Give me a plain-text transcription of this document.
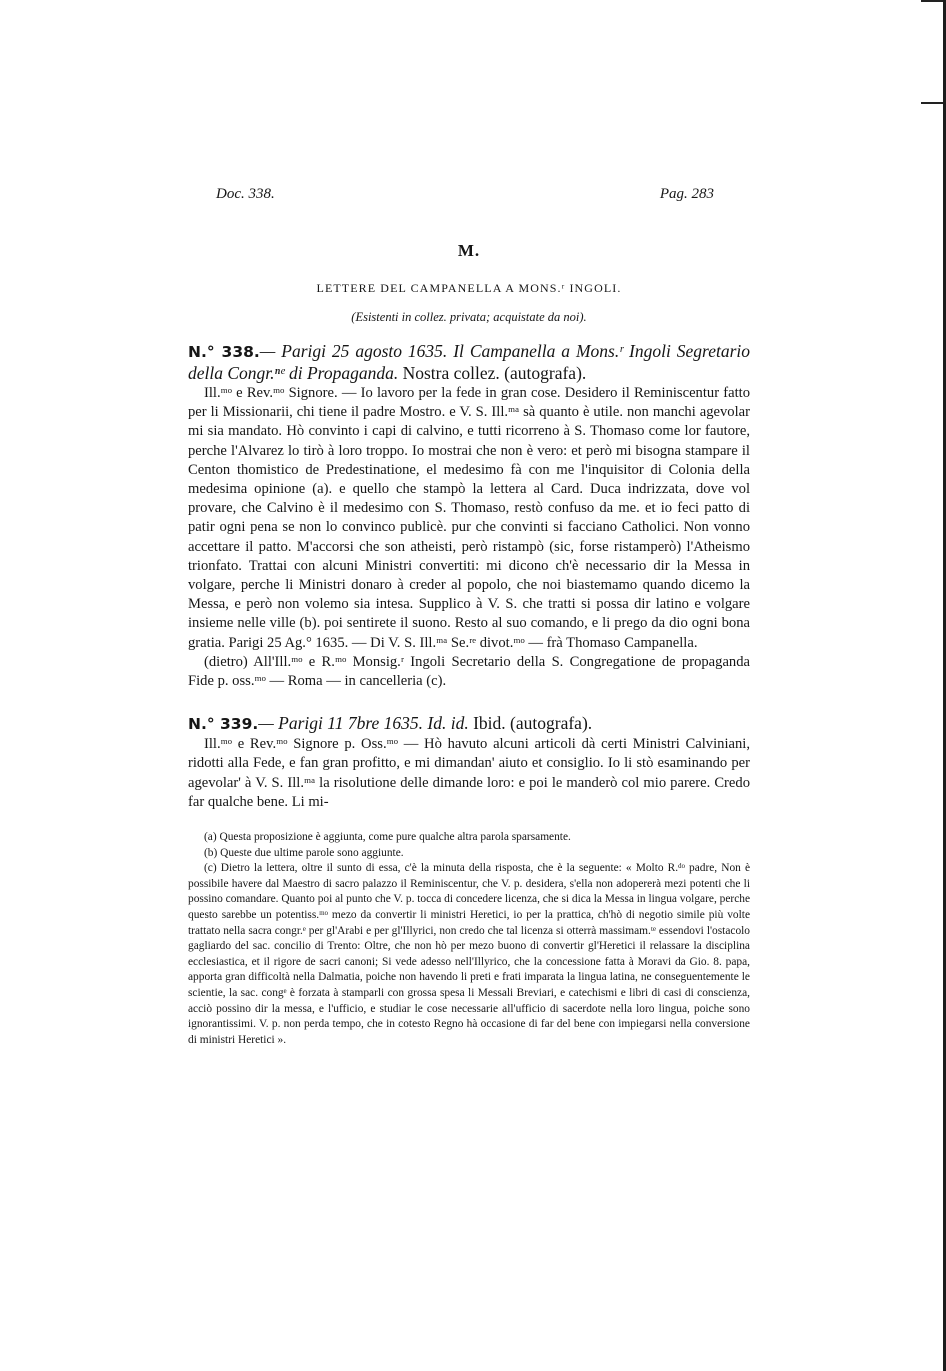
Doc. 338.	Pag. 283
M.
LETTERE DEL CAMPANELLA A MONS.ʳ INGOLI.
(Esistenti in collez. privata; acquistate da noi).
N.° 338.— Parigi 25 agosto 1635. Il Campanella a Mons.ʳ Ingoli Segretario della Congr.ⁿᵉ di Propaganda. Nostra collez. (autografa).

Ill.ᵐᵒ e Rev.ᵐᵒ Signore. — Io lavoro per la fede in gran cose. Desidero il Reminiscentur fatto per li Missionarii, chi tiene il padre Mostro. e V. S. Ill.ᵐᵃ sà quanto è utile. non manchi agevolar mi sia mandato. Hò convinto i capi di calvino, e tutti ricorreno à S. Thomaso come lor fautore, perche l'Alvarez lo tirò à loro troppo. Io mostrai che non è vero: et però mi bisogna stampare il Centon thomistico de Predestinatione, el medesimo fà con me l'inquisitor di Colonia della medesima opinione (a). e quello che stampò la lettera al Card. Duca indrizzata, dove vol provare, che Calvino è il medesimo con S. Thomaso, restò confuso da me. et io feci patto di patir ogni pena se non lo convinco publicè. pur che convinti si facciano Catholici. Non vonno accettare il patto. M'accorsi che son atheisti, però ristampò (sic, forse ristamperò) l'Atheismo trionfato. Trattai con alcuni Ministri convertiti: mi dicono ch'è necessario dir la Messa in volgare, perche li Ministri donaro à creder al popolo, che noi biastemamo quando dicemo la Messa, e però non volemo sia intesa. Supplico à V. S. che tratti si possa dir latino e volgare insieme nelle ville (b). poi sentirete il suono. Resto al suo comando, e li prego da dio ogni bona gratia. Parigi 25 Ag.° 1635. — Di V. S. Ill.ᵐᵃ Se.ʳᵉ divot.ᵐᵒ — frà Thomaso Campanella.

(dietro) All'Ill.ᵐᵒ e R.ᵐᵒ Monsig.ʳ Ingoli Secretario della S. Congregatione de propaganda Fide p. oss.ᵐᵒ — Roma — in cancelleria (c).

N.° 339.— Parigi 11 7bre 1635. Id. id. Ibid. (autografa).

Ill.ᵐᵒ e Rev.ᵐᵒ Signore p. Oss.ᵐᵒ — Hò havuto alcuni articoli dà certi Ministri Calviniani, ridotti alla Fede, e fan gran profitto, e mi dimandan' aiuto et consiglio. Io li stò esaminando per agevolar' à V. S. Ill.ᵐᵃ la risolutione delle dimande loro: e poi le manderò col mio parere. Credo far qualche bene. Li mi-

(a) Questa proposizione è aggiunta, come pure qualche altra parola sparsamente.

(b) Queste due ultime parole sono aggiunte.

(c) Dietro la lettera, oltre il sunto di essa, c'è la minuta della risposta, che è la seguente: « Molto R.ᵈᵒ padre, Non è possibile havere dal Maestro di sacro palazzo il Reminiscentur, che V. p. desidera, s'ella non adopererà mezi potenti che li possino comandare. Quanto poi al punto che V. p. tocca di concedere licenza, che si dica la Messa in lingua volgare, perche questo sarebbe un potentiss.ᵐᵒ mezo da convertir li ministri Heretici, io per la prattica, ch'hò di negotio simile più volte trattato nella sacra congr.ᵉ per gl'Arabi e per gl'Illyrici, non credo che tal licenza si otterrà massimam.ᵗᵉ essendovi l'ostacolo gagliardo del sac. concilio di Trento: Oltre, che non hò per mezo buono di convertir gl'Heretici il relassare la disciplina ecclesiastica, et il rigore de sacri canoni; Si vede adesso nell'Illyrico, che la concessione fatta à Moravi da Gio. 8. papa, apporta gran difficoltà nella Dalmatia, poiche non havendo li preti e frati imparata la lingua latina, ne conseguentemente le scientie, la sac. congᵉ è forzata à stamparli con grossa spesa li Messali Breviari, e catechismi e libri di casi di conscienza, acciò possino dir la messa, e l'ufficio, e studiar le cose necessarie all'ufficio di sacerdote nella loro lingua, poiche sono ignorantissimi. V. p. non perda tempo, che in cotesto Regno hà occasione di far del bene con impiegarsi nella conversione di ministri Heretici ».
